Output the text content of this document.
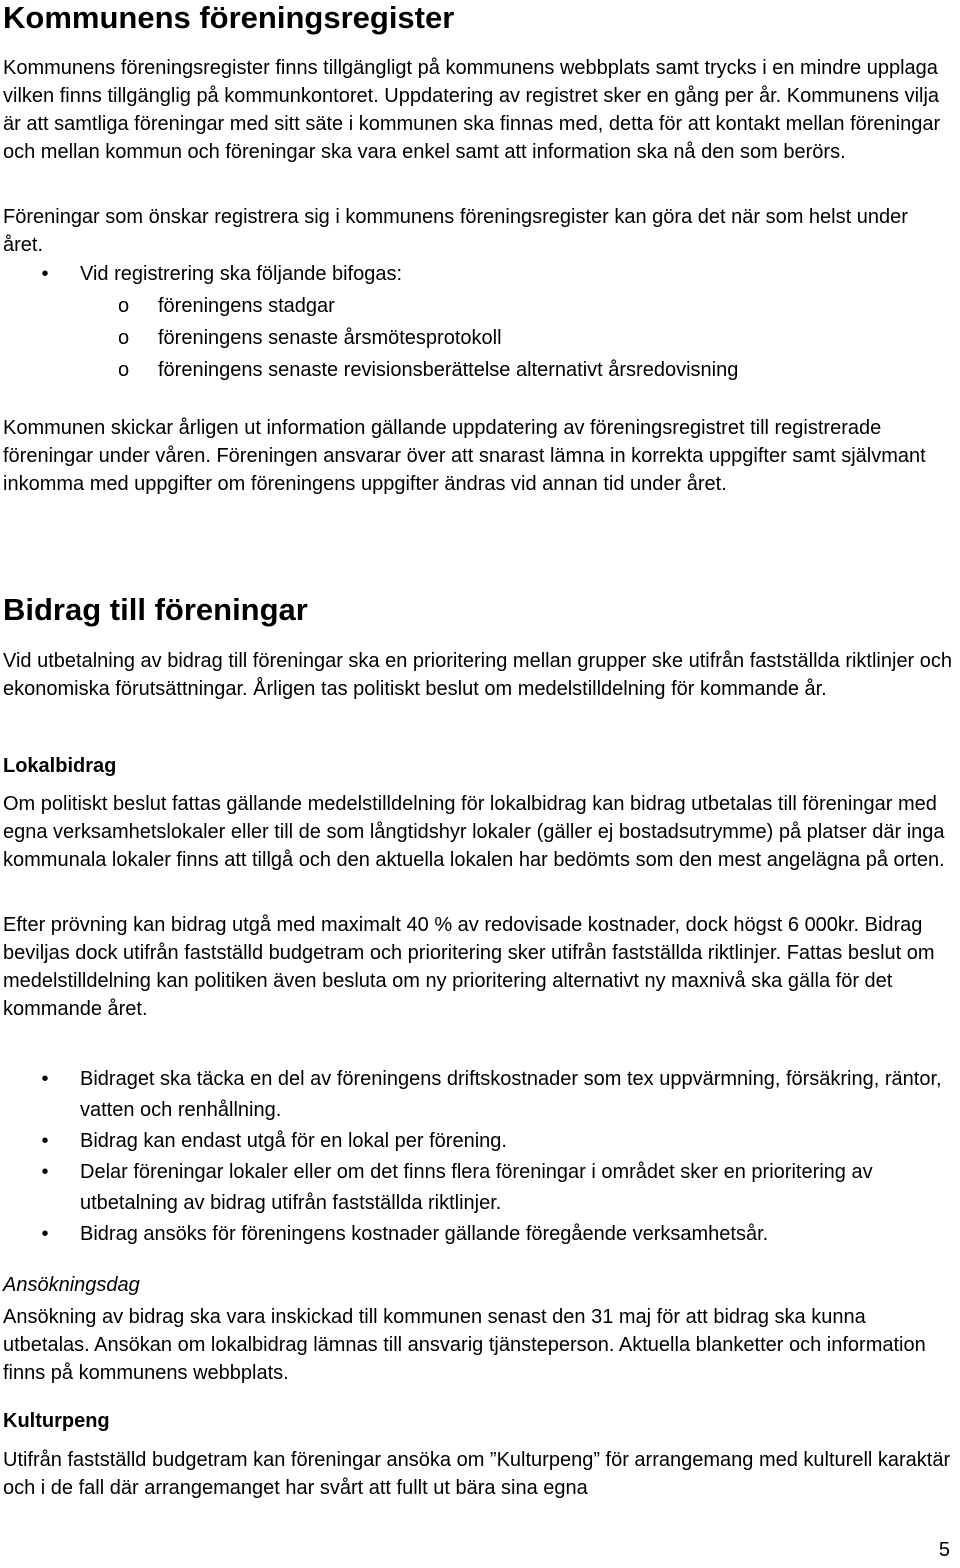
Kommunens föreningsregister

Kommunens föreningsregister finns tillgängligt på kommunens webbplats samt trycks i en mindre upplaga vilken finns tillgänglig på kommunkontoret. Uppdatering av registret sker en gång per år. Kommunens vilja är att samtliga föreningar med sitt säte i kommunen ska finnas med, detta för att kontakt mellan föreningar och mellan kommun och föreningar ska vara enkel samt att information ska nå den som berörs.

Föreningar som önskar registrera sig i kommunens föreningsregister kan göra det när som helst under året.

• Vid registrering ska följande bifogas:
o föreningens stadgar
o föreningens senaste årsmötesprotokoll
o föreningens senaste revisionsberättelse alternativt årsredovisning

Kommunen skickar årligen ut information gällande uppdatering av föreningsregistret till registrerade föreningar under våren. Föreningen ansvarar över att snarast lämna in korrekta uppgifter samt självmant inkomma med uppgifter om föreningens uppgifter ändras vid annan tid under året.

Bidrag till föreningar

Vid utbetalning av bidrag till föreningar ska en prioritering mellan grupper ske utifrån fastställda riktlinjer och ekonomiska förutsättningar. Årligen tas politiskt beslut om medelstilldelning för kommande år.

Lokalbidrag

Om politiskt beslut fattas gällande medelstilldelning för lokalbidrag kan bidrag utbetalas till föreningar med egna verksamhetslokaler eller till de som långtidshyr lokaler (gäller ej bostadsutrymme) på platser där inga kommunala lokaler finns att tillgå och den aktuella lokalen har bedömts som den mest angelägna på orten.

Efter prövning kan bidrag utgå med maximalt 40 % av redovisade kostnader, dock högst 6 000kr. Bidrag beviljas dock utifrån fastställd budgetram och prioritering sker utifrån fastställda riktlinjer. Fattas beslut om medelstilldelning kan politiken även besluta om ny prioritering alternativt ny maxnivå ska gälla för det kommande året.

• Bidraget ska täcka en del av föreningens driftskostnader som tex uppvärmning, försäkring, räntor, vatten och renhållning.
• Bidrag kan endast utgå för en lokal per förening.
• Delar föreningar lokaler eller om det finns flera föreningar i området sker en prioritering av utbetalning av bidrag utifrån fastställda riktlinjer.
• Bidrag ansöks för föreningens kostnader gällande föregående verksamhetsår.
Ansökningsdag

Ansökning av bidrag ska vara inskickad till kommunen senast den 31 maj för att bidrag ska kunna utbetalas. Ansökan om lokalbidrag lämnas till ansvarig tjänsteperson. Aktuella blanketter och information finns på kommunens webbplats.

Kulturpeng

Utifrån fastställd budgetram kan föreningar ansöka om ”Kulturpeng” för arrangemang med kulturell karaktär och i de fall där arrangemanget har svårt att fullt ut bära sina egna

5
